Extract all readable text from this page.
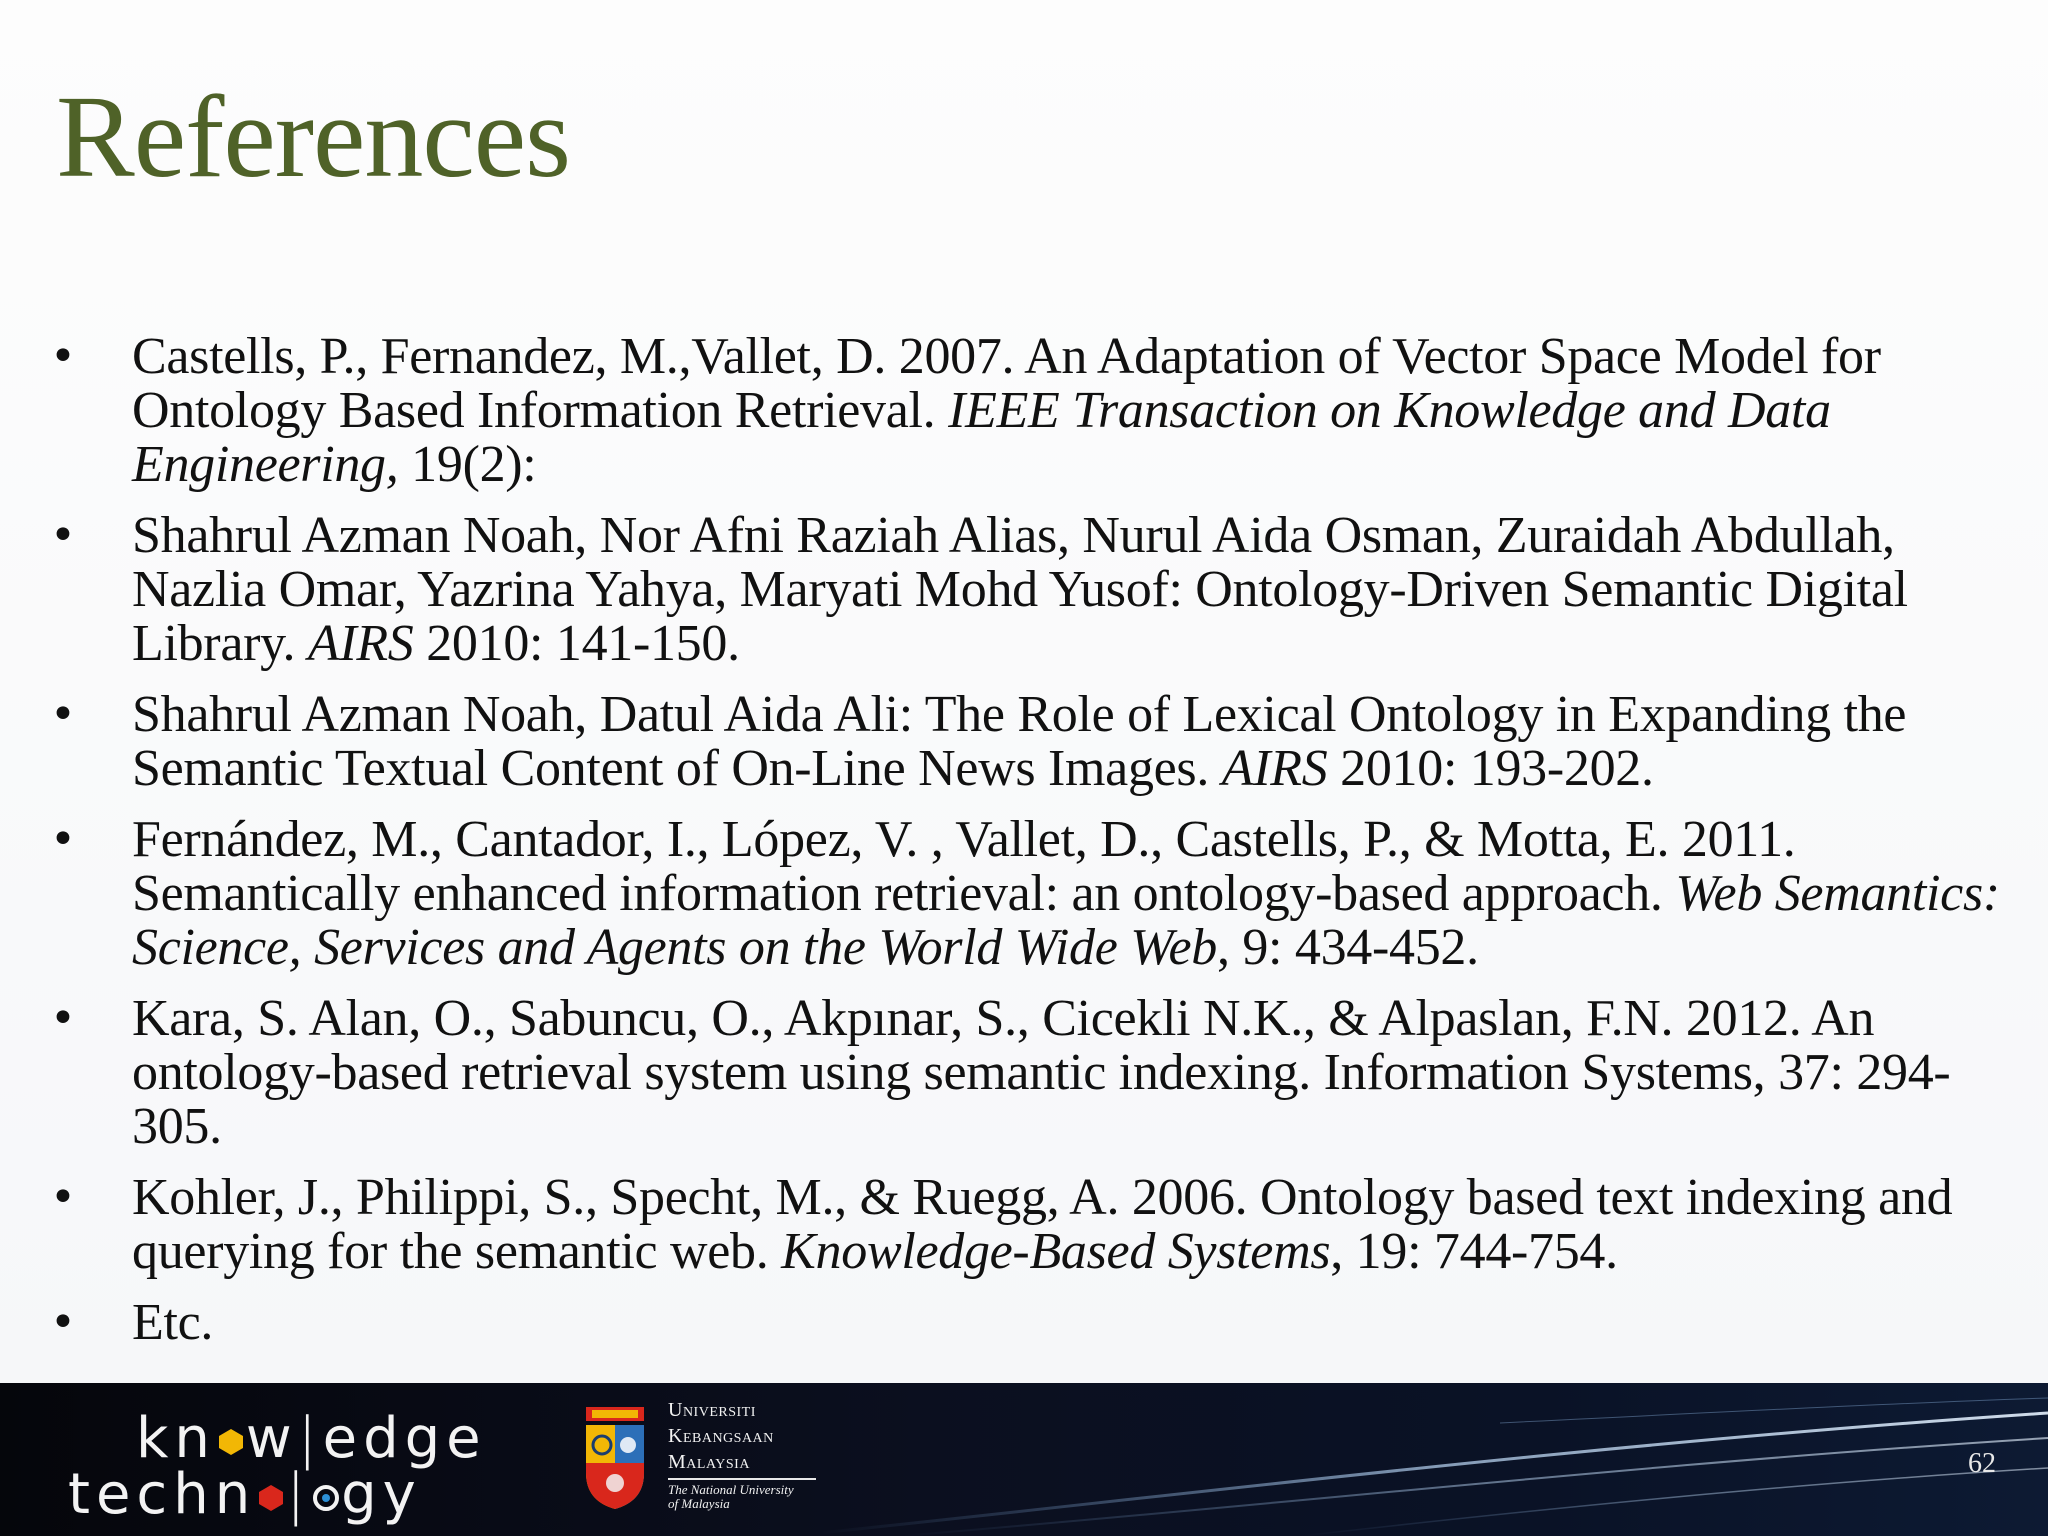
References
• Castells, P., Fernandez, M.,Vallet, D. 2007. An Adaptation of Vector Space Model for Ontology Based Information Retrieval. IEEE Transaction on Knowledge and Data Engineering, 19(2):
• Shahrul Azman Noah, Nor Afni Raziah Alias, Nurul Aida Osman, Zuraidah Abdullah, Nazlia Omar, Yazrina Yahya, Maryati Mohd Yusof: Ontology-Driven Semantic Digital Library. AIRS 2010: 141-150.
• Shahrul Azman Noah, Datul Aida Ali: The Role of Lexical Ontology in Expanding the Semantic Textual Content of On-Line News Images. AIRS 2010: 193-202.
• Fernández, M., Cantador, I., López, V. , Vallet, D., Castells, P., & Motta, E. 2011. Semantically enhanced information retrieval: an ontology-based approach. Web Semantics: Science, Services and Agents on the World Wide Web, 9: 434-452.
• Kara, S. Alan, O., Sabuncu, O., Akpınar, S., Cicekli N.K., & Alpaslan, F.N. 2012. An ontology-based retrieval system using semantic indexing. Information Systems, 37: 294-305.
• Kohler, J., Philippi, S., Specht, M., & Ruegg, A. 2006. Ontology based text indexing and querying for the semantic web. Knowledge-Based Systems, 19: 744-754.
• Etc.
kn w|edge
techn | gy
Universiti
Kebangsaan
Malaysia
The National University
of Malaysia
62
